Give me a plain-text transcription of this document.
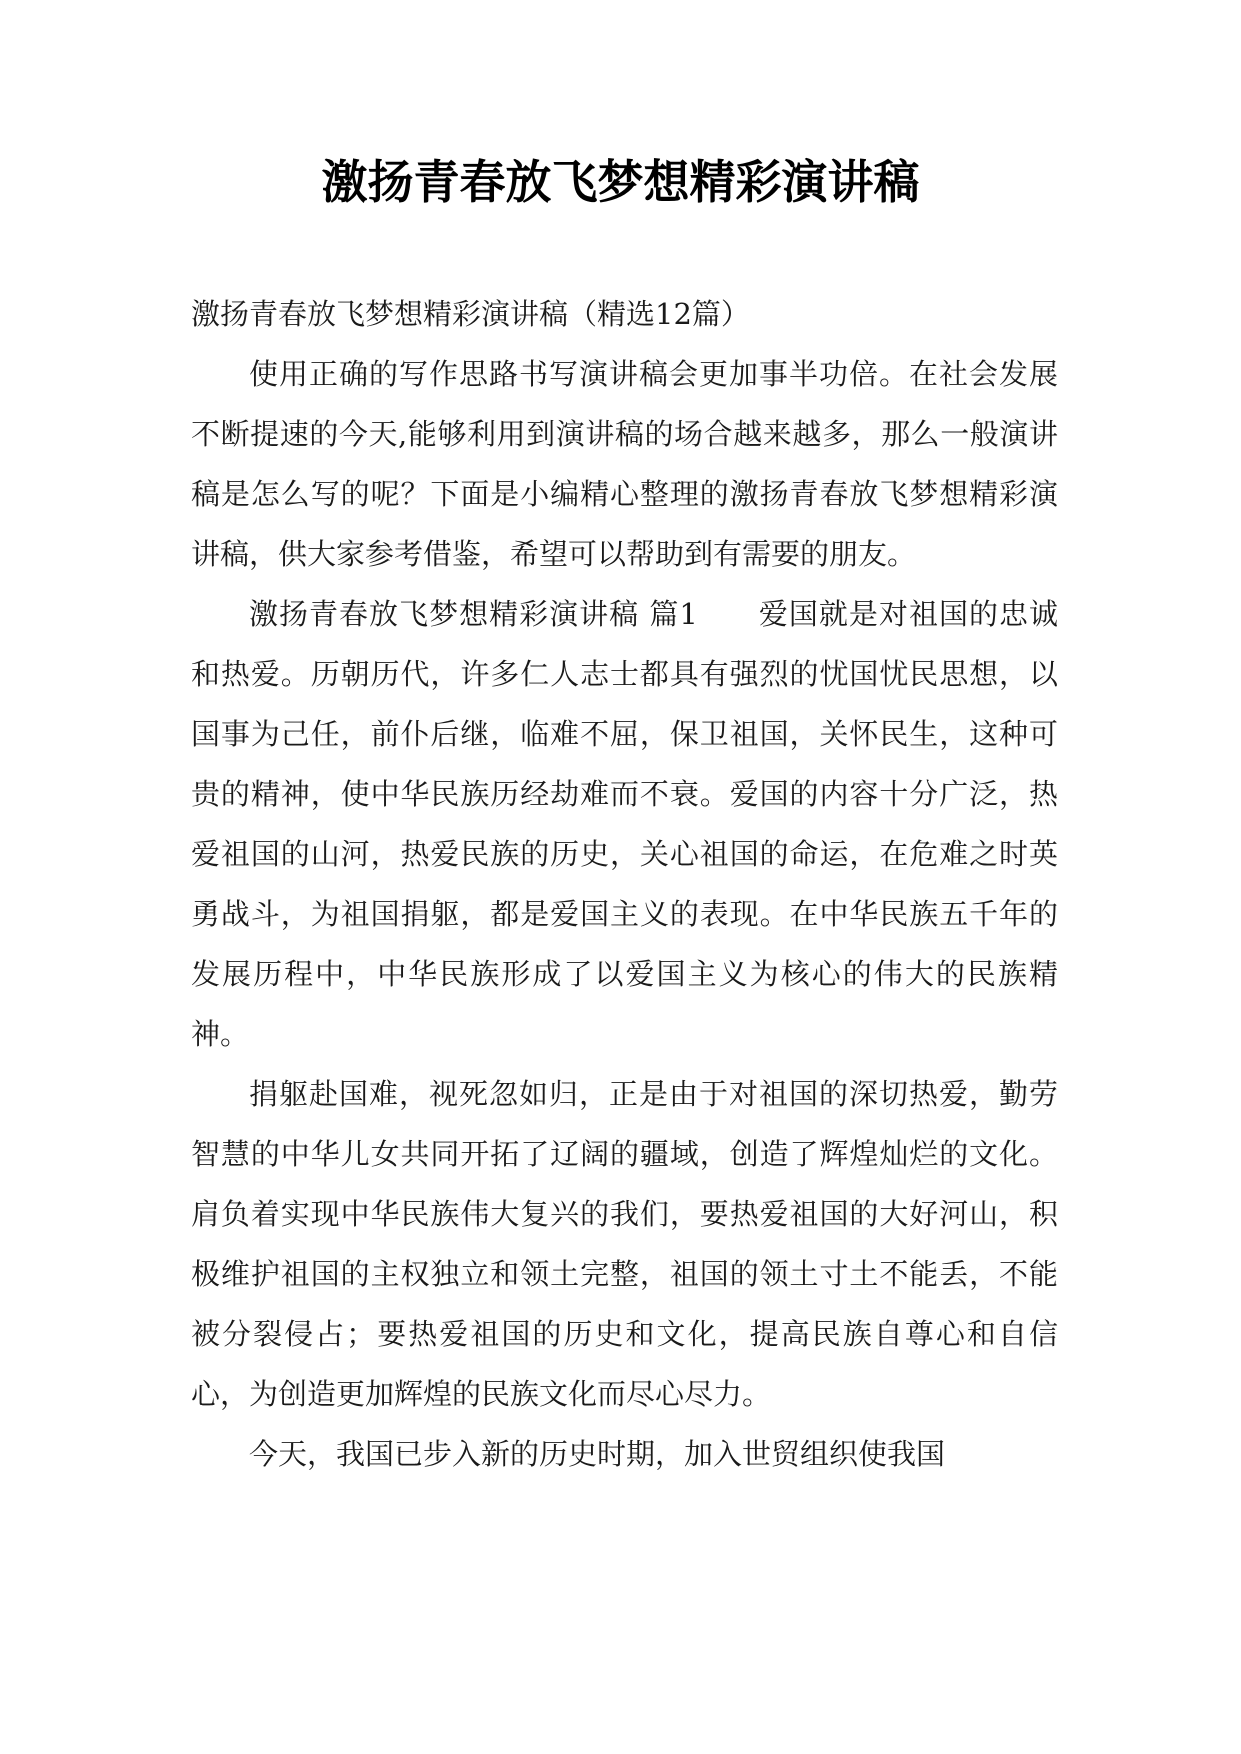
激扬青春放飞梦想精彩演讲稿

激扬青春放飞梦想精彩演讲稿（精选12篇）

使用正确的写作思路书写演讲稿会更加事半功倍。在社会发展不断提速的今天,能够利用到演讲稿的场合越来越多，那么一般演讲稿是怎么写的呢？下面是小编精心整理的激扬青春放飞梦想精彩演讲稿，供大家参考借鉴，希望可以帮助到有需要的朋友。

激扬青春放飞梦想精彩演讲稿 篇1　　爱国就是对祖国的忠诚和热爱。历朝历代，许多仁人志士都具有强烈的忧国忧民思想，以国事为己任，前仆后继，临难不屈，保卫祖国，关怀民生，这种可贵的精神，使中华民族历经劫难而不衰。爱国的内容十分广泛，热爱祖国的山河，热爱民族的历史，关心祖国的命运，在危难之时英勇战斗，为祖国捐躯，都是爱国主义的表现。在中华民族五千年的发展历程中，中华民族形成了以爱国主义为核心的伟大的民族精神。

捐躯赴国难，视死忽如归，正是由于对祖国的深切热爱，勤劳智慧的中华儿女共同开拓了辽阔的疆域，创造了辉煌灿烂的文化。肩负着实现中华民族伟大复兴的我们，要热爱祖国的大好河山，积极维护祖国的主权独立和领土完整，祖国的领土寸土不能丢，不能被分裂侵占；要热爱祖国的历史和文化，提高民族自尊心和自信心，为创造更加辉煌的民族文化而尽心尽力。

今天，我国已步入新的历史时期，加入世贸组织使我国
